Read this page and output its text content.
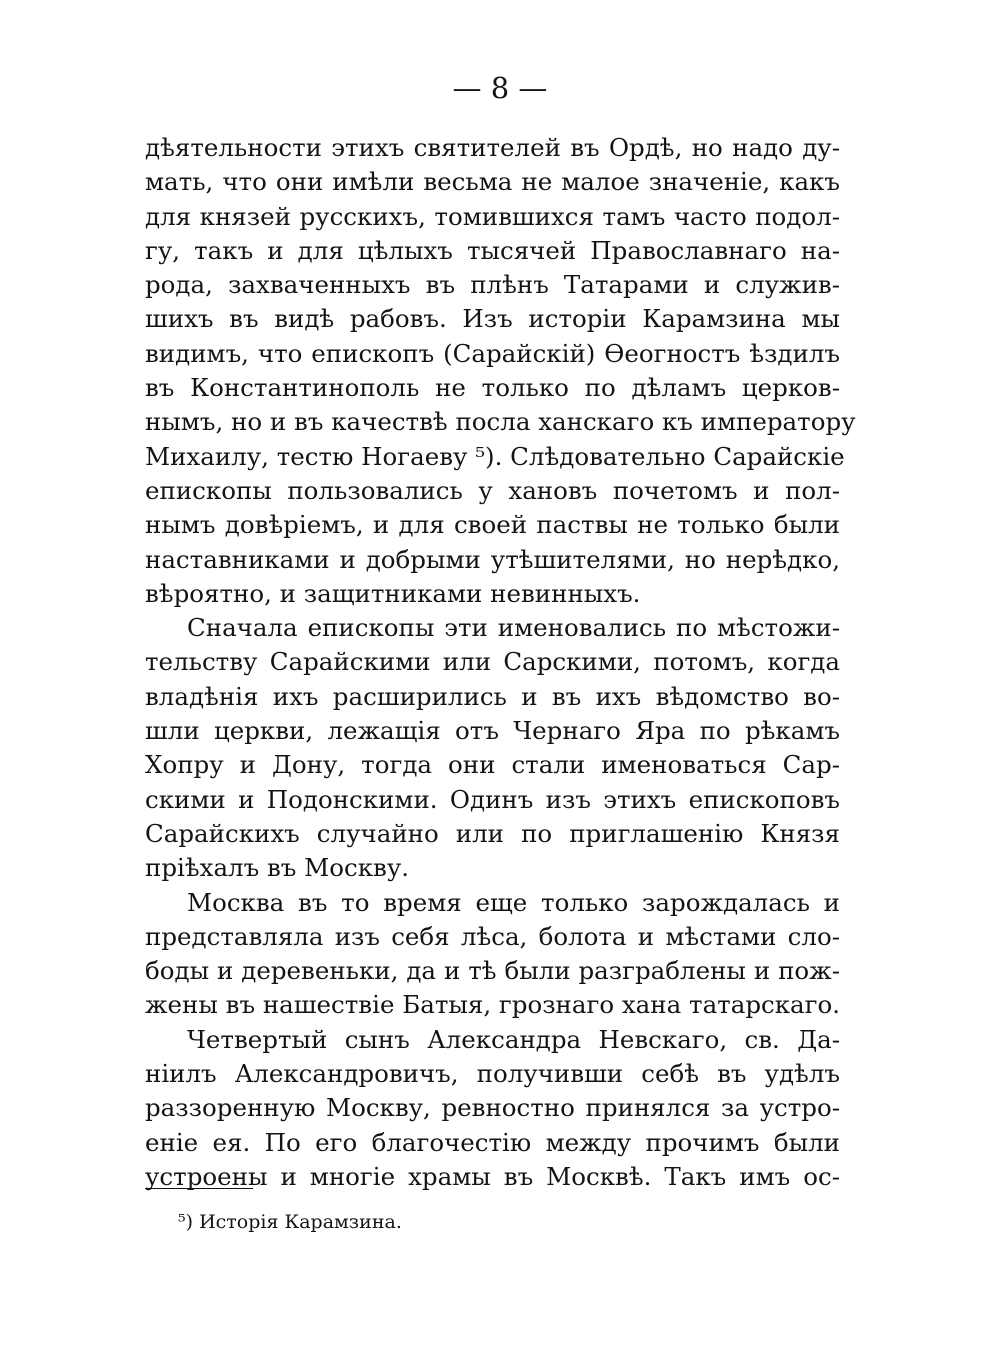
— 8 —
дѣятельности этихъ святителей въ Ордѣ, но надо ду-
мать, что они имѣли весьма не малое значеніе, какъ
для князей русскихъ, томившихся тамъ часто подол-
гу, такъ и для цѣлыхъ тысячей Православнаго на-
рода, захваченныхъ въ плѣнъ Татарами и служив-
шихъ въ видѣ рабовъ. Изъ исторіи Карамзина мы
видимъ, что епископъ (Сарайскій) Ѳеогностъ ѣздилъ
въ Константинополь не только по дѣламъ церков-
нымъ, но и въ качествѣ посла ханскаго къ императору
Михаилу, тестю Ногаеву ⁵). Слѣдовательно Сарайскіе
епископы пользовались у хановъ почетомъ и пол-
нымъ довѣріемъ, и для своей паствы не только были
наставниками и добрыми утѣшителями, но нерѣдко,
вѣроятно, и защитниками невинныхъ.
Сначала епископы эти именовались по мѣстожи-
тельству Сарайскими или Сарскими, потомъ, когда
владѣнія ихъ расширились и въ ихъ вѣдомство во-
шли церкви, лежащія отъ Чернаго Яра по рѣкамъ
Хопру и Дону, тогда они стали именоваться Сар-
скими и Подонскими. Одинъ изъ этихъ епископовъ
Сарайскихъ случайно или по приглашенію Князя
пріѣхалъ въ Москву.
Москва въ то время еще только зарождалась и
представляла изъ себя лѣса, болота и мѣстами сло-
боды и деревеньки, да и тѣ были разграблены и пож-
жены въ нашествіе Батыя, грознаго хана татарскаго.
Четвертый сынъ Александра Невскаго, св. Да-
ніилъ Александровичъ, получивши себѣ въ удѣлъ
раззоренную Москву, ревностно принялся за устро-
еніе ея. По его благочестію между прочимъ были
устроены и многіе храмы въ Москвѣ. Такъ имъ ос-
⁵) Исторія Карамзина.
